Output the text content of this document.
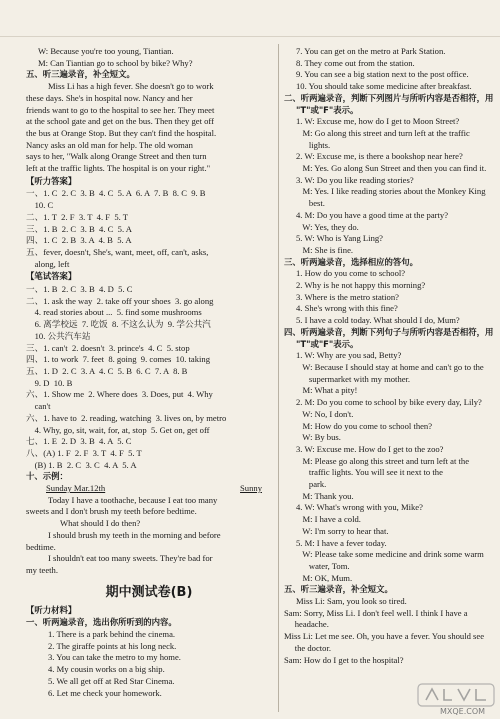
W: Because you're too young, Tiantian.
M: Can Tiantian go to school by bike? Why?
五、听三遍录音，补全短文。
Miss Li has a high fever. She doesn't go to work
these days. She's in hospital now. Nancy and her
friends want to go to the hospital to see her. They meet
at the school gate and get on the bus. Then they get off
the bus at Orange Stop. But they can't find the hospital.
Nancy asks an old man for help. The old woman
says to her, "Walk along Orange Street and then turn
left at the traffic lights. The hospital is on your right."
【听力答案】
一、1. C  2. C  3. B  4. C  5. A  6. A  7. B  8. C  9. B
10. C
二、1. T  2. F  3. T  4. F  5. T
三、1. B  2. C  3. B  4. C  5. A
四、1. C  2. B  3. A  4. B  5. A
五、fever, doesn't, She's, want, meet, off, can't, asks,
along, left
【笔试答案】
一、1. B  2. C  3. B  4. D  5. C
二、1. ask the way  2. take off your shoes  3. go along
4. read stories about ...  5. find some mushrooms
6. 离学校远  7. 吃饭  8. 不这么认为  9. 学公共汽
10. 公共汽车站
三、1. can't  2. doesn't  3. prince's  4. C  5. stop
四、1. to work  7. feet  8. going  9. comes  10. taking
五、1. D  2. C  3. A  4. C  5. B  6. C  7. A  8. B
9. D  10. B
六、1. Show me  2. Where does  3. Does, put  4. Why
can't
六、1. have to  2. reading, watching  3. lives on, by metro
4. Why, go, sit, wait, for, at, stop  5. Get on, get off
七、1. E  2. D  3. B  4. A  5. C
八、(A) 1. F  2. F  3. T  4. F  5. T
(B) 1. B  2. C  3. C  4. A  5. A
十、示例：
Sunday Mar.12th	Sunny
Today I have a toothache, because I eat too many
sweets and I don't brush my teeth before bedtime.
What should I do then?
I should brush my teeth in the morning and before
bedtime.
I shouldn't eat too many sweets. They're bad for
my teeth.
期中测试卷(B)
【听力材料】
一、听两遍录音，选出你所听到的内容。
1. There is a park behind the cinema.
2. The giraffe points at his long neck.
3. You can take the metro to my home.
4. My cousin works on a big ship.
5. We all get off at Red Star Cinema.
6. Let me check your homework.
7. You can get on the metro at Park Station.
8. They come out from the station.
9. You can see a big station next to the post office.
10. You should take some medicine after breakfast.
二、听两遍录音，判断下列图片与所听内容是否相符，用
"T"或"F"表示。
1. W: Excuse me, how do I get to Moon Street?
M: Go along this street and turn left at the traffic
lights.
2. W: Excuse me, is there a bookshop near here?
M: Yes. Go along Sun Street and then you can find it.
3. W: Do you like reading stories?
M: Yes. I like reading stories about the Monkey King
best.
4. M: Do you have a good time at the party?
W: Yes, they do.
5. W: Who is Yang Ling?
M: She is fine.
三、听两遍录音，选择相应的答句。
1. How do you come to school?
2. Why is he not happy this morning?
3. Where is the metro station?
4. She's wrong with this fine?
5. I have a cold today. What should I do, Mum?
四、听两遍录音，判断下列句子与所听内容是否相符，用
"T"或"F"表示。
1. W: Why are you sad, Betty?
W: Because I should stay at home and can't go to the
supermarket with my mother.
M: What a pity!
2. M: Do you come to school by bike every day, Lily?
W: No, I don't.
M: How do you come to school then?
W: By bus.
3. W: Excuse me. How do I get to the zoo?
M: Please go along this street and turn left at the
traffic lights. You will see it next to the
park.
M: Thank you.
4. W: What's wrong with you, Mike?
M: I have a cold.
W: I'm sorry to hear that.
5. M: I have a fever today.
W: Please take some medicine and drink some warm
water, Tom.
M: OK, Mum.
五、听三遍录音，补全短文。
Miss Li: Sam, you look so tired.
Sam: Sorry, Miss Li. I don't feel well. I think I have a
headache.
Miss Li: Let me see. Oh, you have a fever. You should see
the doctor.
Sam: How do I get to the hospital?
MXQE.COM
